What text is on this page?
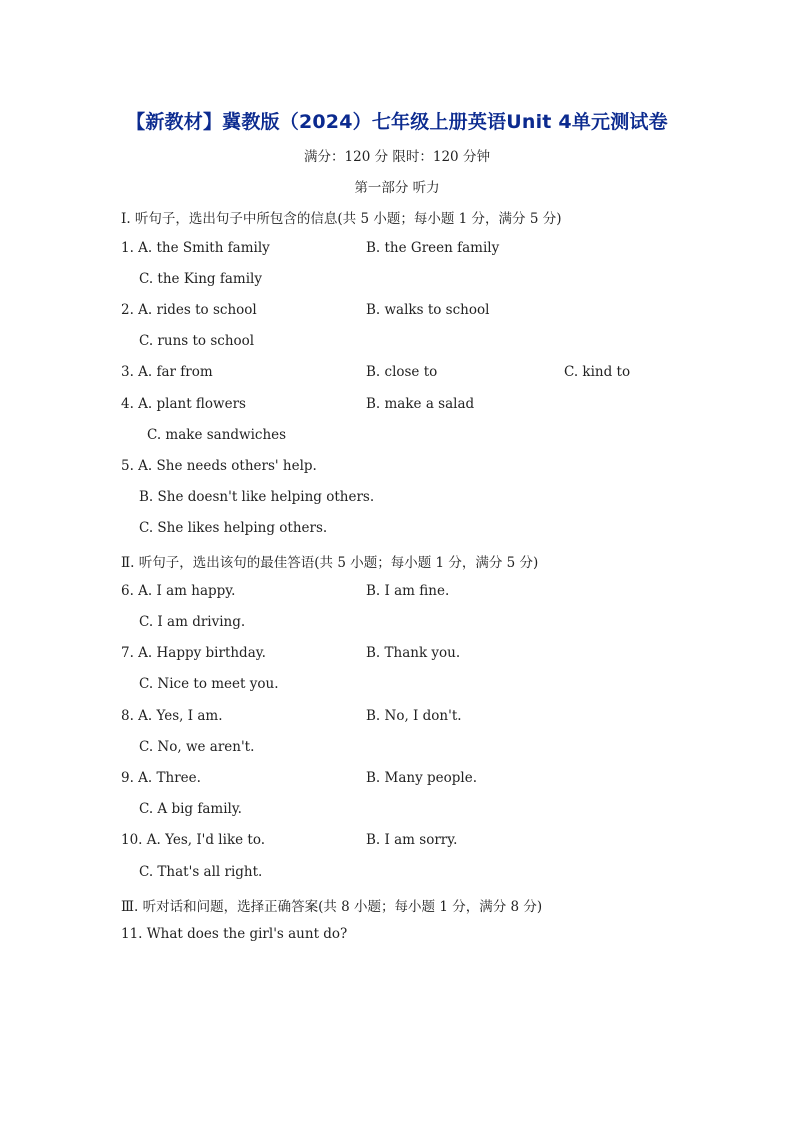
【新教材】冀教版（2024）七年级上册英语Unit 4单元测试卷
满分：120 分 限时：120 分钟
第一部分 听力
Ⅰ. 听句子，选出句子中所包含的信息(共 5 小题；每小题 1 分，满分 5 分)
1. A. the Smith family	B. the Green family
C. the King family
2. A. rides to school	B. walks to school
C. runs to school
3. A. far from	B. close to	C. kind to
4. A. plant flowers	B. make a salad
C. make sandwiches
5. A. She needs others' help.
B. She doesn't like helping others.
C. She likes helping others.
Ⅱ. 听句子，选出该句的最佳答语(共 5 小题；每小题 1 分，满分 5 分)
6. A. I am happy.	B. I am fine.
C. I am driving.
7. A. Happy birthday.	B. Thank you.
C. Nice to meet you.
8. A. Yes, I am.	B. No, I don't.
C. No, we aren't.
9. A. Three.	B. Many people.
C. A big family.
10. A. Yes, I'd like to.	B. I am sorry.
C. That's all right.
Ⅲ. 听对话和问题，选择正确答案(共 8 小题；每小题 1 分，满分 8 分)
11. What does the girl's aunt do?
